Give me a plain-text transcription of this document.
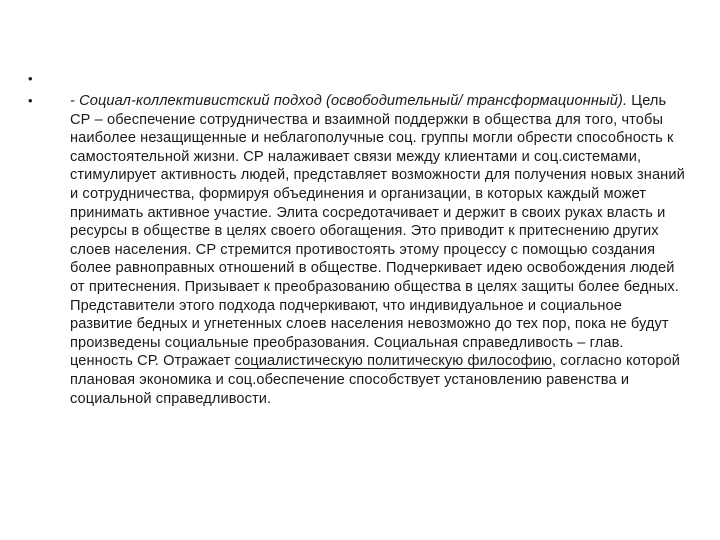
•
•	- Социал-коллективистский подход (освободительный/ трансформационный). Цель СР – обеспечение сотрудничества и взаимной поддержки в общества для того, чтобы наиболее незащищенные и неблагополучные соц. группы могли обрести способность к самостоятельной жизни. СР налаживает связи между клиентами и соц.системами, стимулирует активность людей, представляет возможности для получения новых знаний и сотрудничества, формируя объединения и организации, в которых каждый может принимать активное участие. Элита сосредотачивает и держит в своих руках власть и ресурсы в обществе в целях своего обогащения. Это приводит к притеснению других слоев населения. СР стремится противостоять этому процессу с помощью создания более равноправных отношений в обществе. Подчеркивает идею освобождения людей от притеснения. Призывает к преобразованию общества в целях защиты более бедных. Представители этого подхода подчеркивают, что индивидуальное и социальное развитие бедных и угнетенных слоев населения невозможно до тех пор, пока не будут произведены социальные преобразования. Социальная справедливость – глав. ценность СР. Отражает социалистическую политическую философию, согласно которой плановая экономика и соц.обеспечение способствует установлению равенства и социальной справедливости.
